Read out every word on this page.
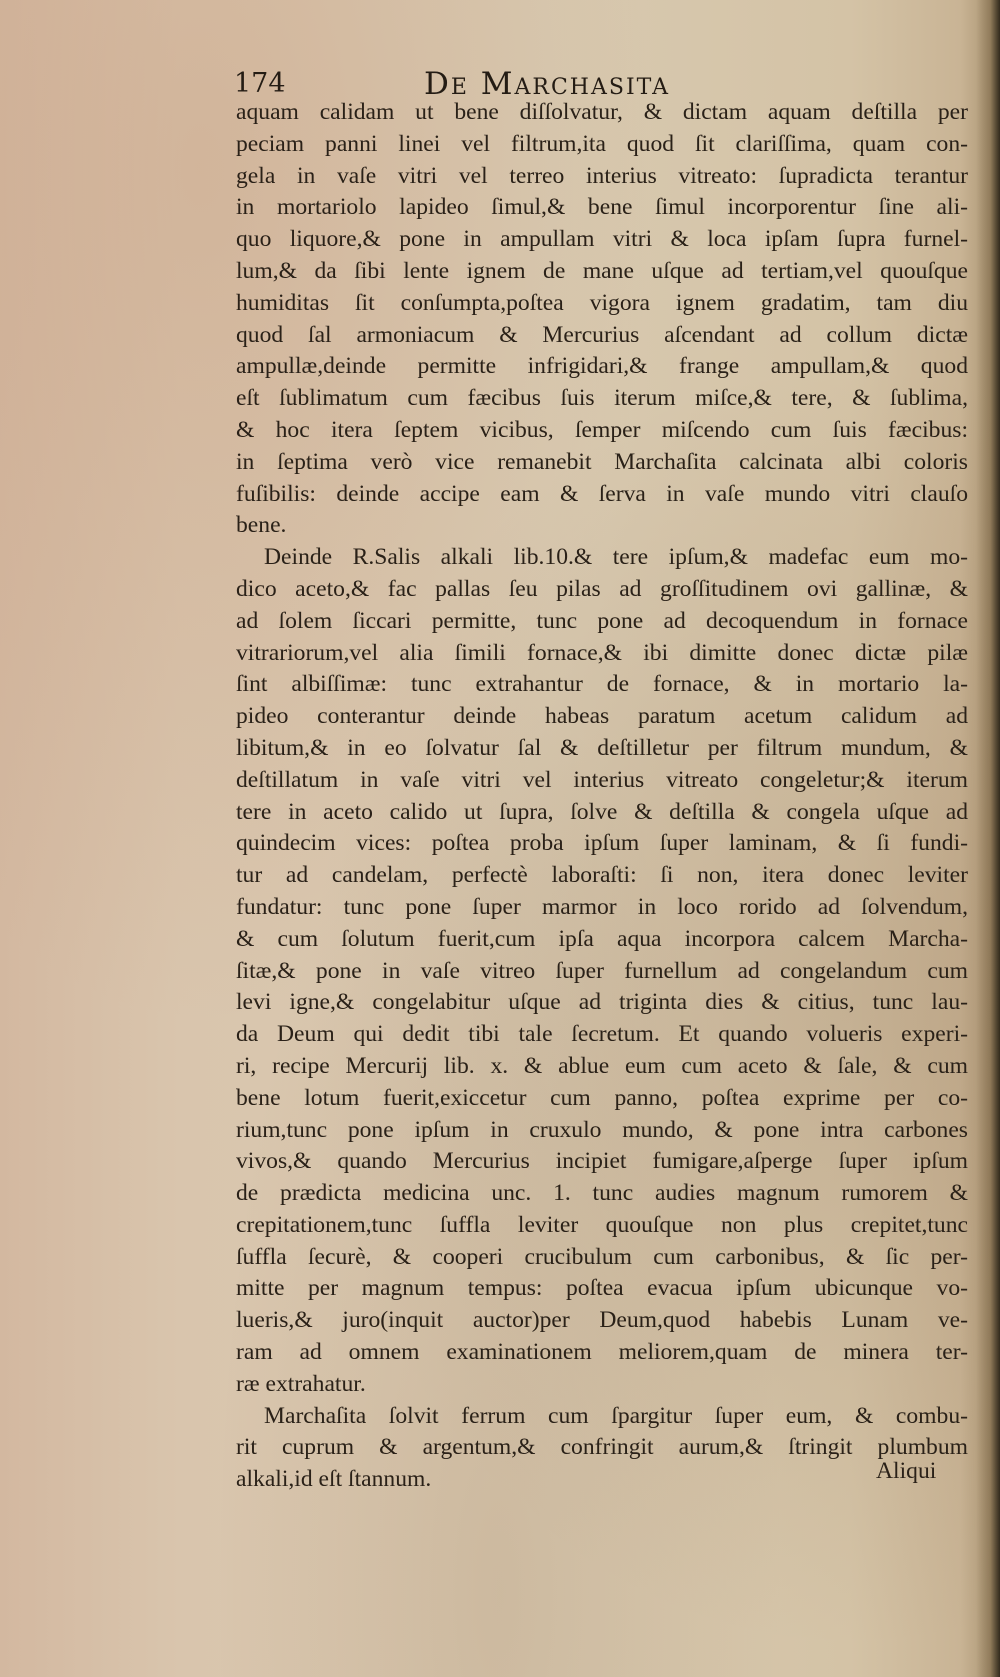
174	De Marchasita
aquam calidam ut bene diſſolvatur, & dictam aquam deſtilla per
peciam panni linei vel filtrum,ita quod ſit clariſſima, quam con-
gela in vaſe vitri vel terreo interius vitreato: ſupradicta terantur
in mortariolo lapideo ſimul,& bene ſimul incorporentur ſine ali-
quo liquore,& pone in ampullam vitri & loca ipſam ſupra furnel-
lum,& da ſibi lente ignem de mane uſque ad tertiam,vel quouſque
humiditas ſit conſumpta,poſtea vigora ignem gradatim, tam diu
quod ſal armoniacum & Mercurius aſcendant ad collum dictæ
ampullæ,deinde permitte infrigidari,& frange ampullam,& quod
eſt ſublimatum cum fæcibus ſuis iterum miſce,& tere, & ſublima,
& hoc itera ſeptem vicibus, ſemper miſcendo cum ſuis fæcibus:
in ſeptima verò vice remanebit Marchaſita calcinata albi coloris
fuſibilis: deinde accipe eam & ſerva in vaſe mundo vitri clauſo
bene.
Deinde R.Salis alkali lib.10.& tere ipſum,& madefac eum mo-
dico aceto,& fac pallas ſeu pilas ad groſſitudinem ovi gallinæ, &
ad ſolem ſiccari permitte, tunc pone ad decoquendum in fornace
vitrariorum,vel alia ſimili fornace,& ibi dimitte donec dictæ pilæ
ſint albiſſimæ: tunc extrahantur de fornace, & in mortario la-
pideo conterantur deinde habeas paratum acetum calidum ad
libitum,& in eo ſolvatur ſal & deſtilletur per filtrum mundum, &
deſtillatum in vaſe vitri vel interius vitreato congeletur;& iterum
tere in aceto calido ut ſupra, ſolve & deſtilla & congela uſque ad
quindecim vices: poſtea proba ipſum ſuper laminam, & ſi fundi-
tur ad candelam, perfectè laboraſti: ſi non, itera donec leviter
fundatur: tunc pone ſuper marmor in loco rorido ad ſolvendum,
& cum ſolutum fuerit,cum ipſa aqua incorpora calcem Marcha-
ſitæ,& pone in vaſe vitreo ſuper furnellum ad congelandum cum
levi igne,& congelabitur uſque ad triginta dies & citius, tunc lau-
da Deum qui dedit tibi tale ſecretum. Et quando volueris experi-
ri, recipe Mercurij lib. x. & ablue eum cum aceto & ſale, & cum
bene lotum fuerit,exiccetur cum panno, poſtea exprime per co-
rium,tunc pone ipſum in cruxulo mundo, & pone intra carbones
vivos,& quando Mercurius incipiet fumigare,aſperge ſuper ipſum
de prædicta medicina unc. 1. tunc audies magnum rumorem &
crepitationem,tunc ſuffla leviter quouſque non plus crepitet,tunc
ſuffla ſecurè, & cooperi crucibulum cum carbonibus, & ſic per-
mitte per magnum tempus: poſtea evacua ipſum ubicunque vo-
lueris,& juro(inquit auctor)per Deum,quod habebis Lunam ve-
ram ad omnem examinationem meliorem,quam de minera ter-
ræ extrahatur.
Marchaſita ſolvit ferrum cum ſpargitur ſuper eum, & combu-
rit cuprum & argentum,& confringit aurum,& ſtringit plumbum
alkali,id eſt ſtannum.	Aliqui
